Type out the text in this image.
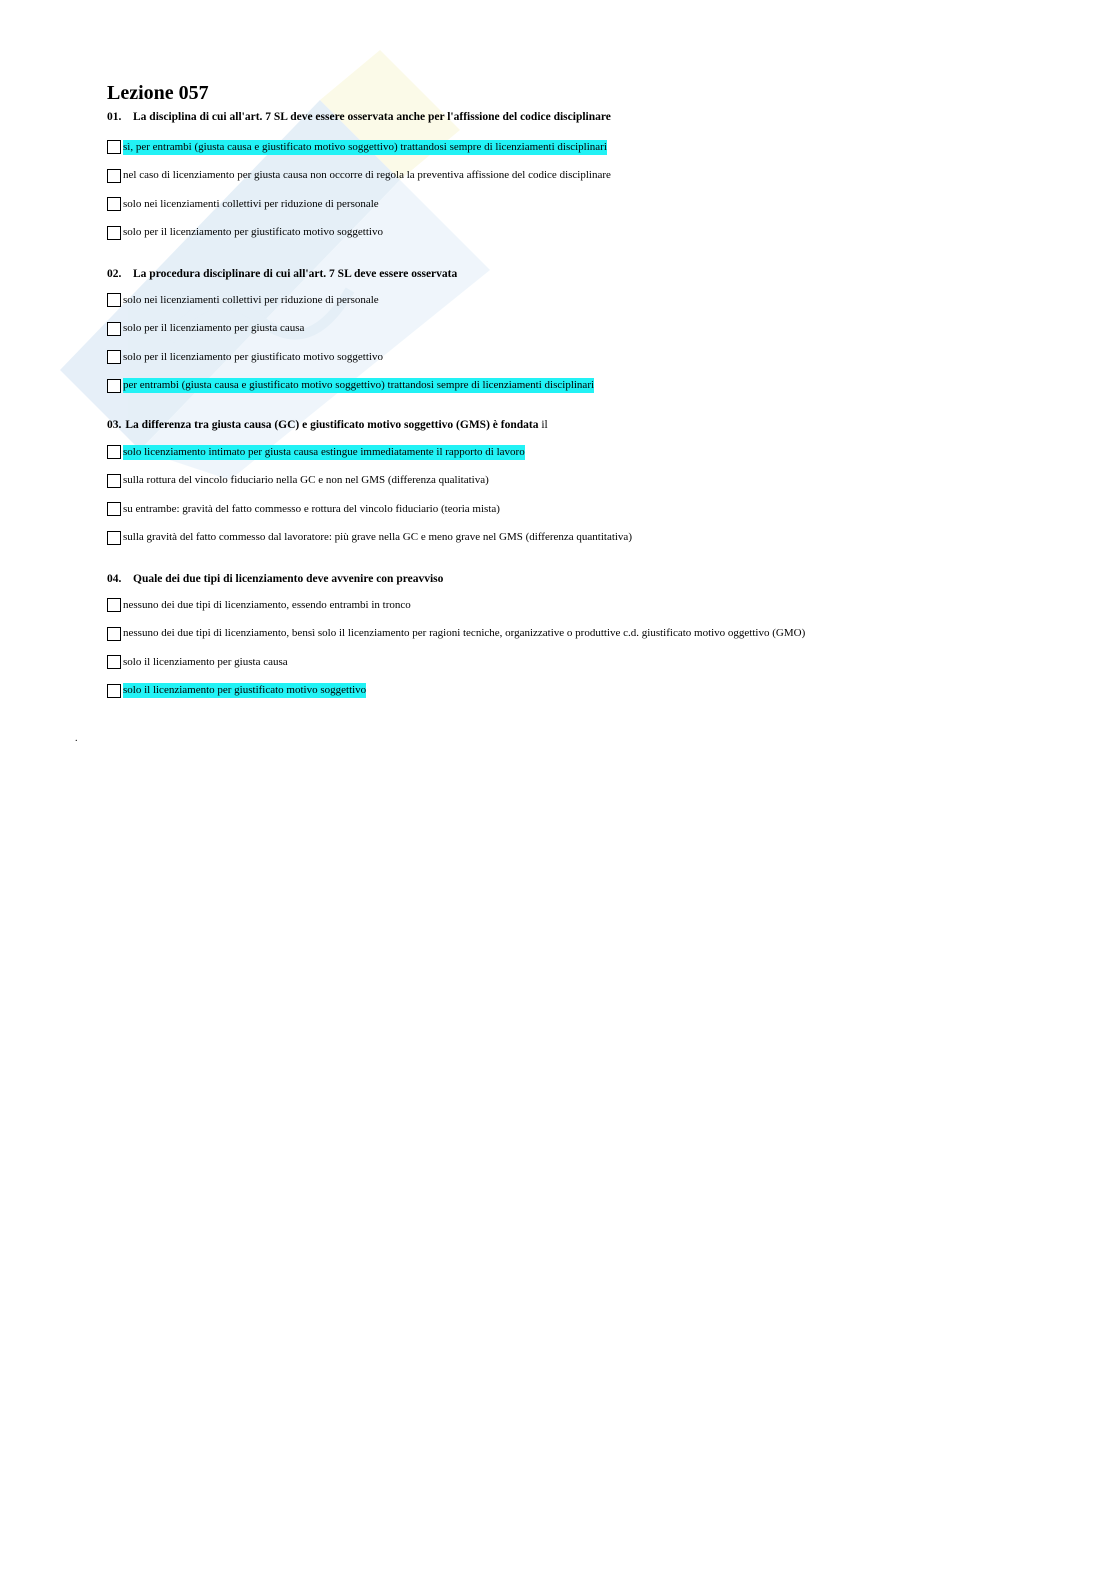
Lezione 057
01. La disciplina di cui all'art. 7 SL deve essere osservata anche per l'affissione del codice disciplinare
sì, per entrambi (giusta causa e giustificato motivo soggettivo) trattandosi sempre di licenziamenti disciplinari
nel caso di licenziamento per giusta causa non occorre di regola la preventiva affissione del codice disciplinare
solo nei licenziamenti collettivi per riduzione di personale
solo per il licenziamento per giustificato motivo soggettivo
02. La procedura disciplinare di cui all'art. 7 SL deve essere osservata
solo nei licenziamenti collettivi per riduzione di personale
solo per il licenziamento per giusta causa
solo per il licenziamento per giustificato motivo soggettivo
per entrambi (giusta causa e giustificato motivo soggettivo) trattandosi sempre di licenziamenti disciplinari
03. La differenza tra giusta causa (GC) e giustificato motivo soggettivo (GMS) è fondata il
solo licenziamento intimato per giusta causa estingue immediatamente il rapporto di lavoro
sulla rottura del vincolo fiduciario nella GC e non nel GMS (differenza qualitativa)
su entrambe: gravità del fatto commesso e rottura del vincolo fiduciario (teoria mista)
sulla gravità del fatto commesso dal lavoratore: più grave nella GC e meno grave nel GMS (differenza quantitativa)
04. Quale dei due tipi di licenziamento deve avvenire con preavviso
nessuno dei due tipi di licenziamento, essendo entrambi in tronco
nessuno dei due tipi di licenziamento, bensì solo il licenziamento per ragioni tecniche, organizzative o produttive c.d. giustificato motivo oggettivo (GMO)
solo il licenziamento per giusta causa
solo il licenziamento per giustificato motivo soggettivo
.
